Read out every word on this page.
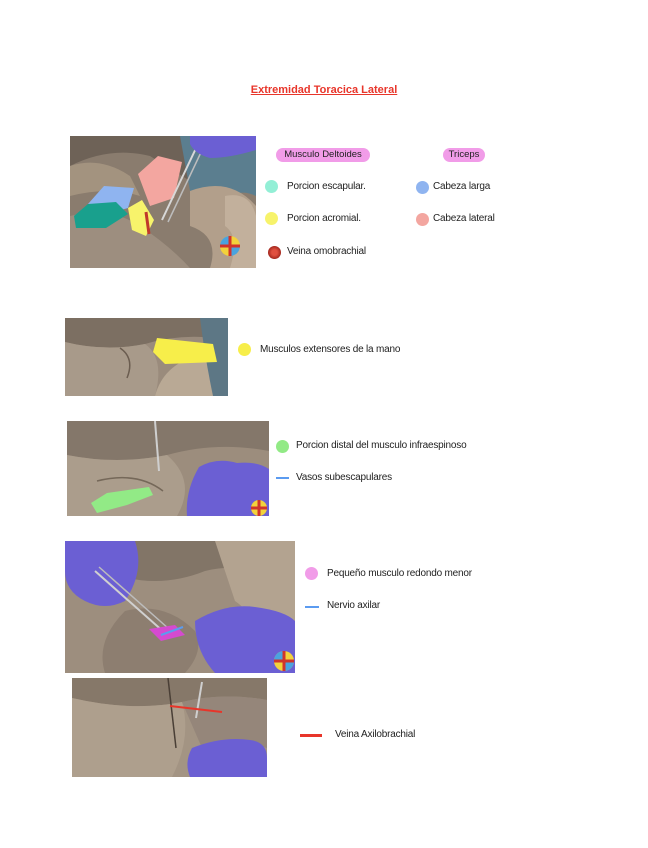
Extremidad Toracica Lateral
Musculo Deltoides	Triceps
Porcion escapular.
Porcion acromial.
Veina omobrachial
Cabeza larga
Cabeza lateral
Musculos extensores de la mano
Porcion distal del musculo infraespinoso
Vasos subescapulares
Pequeño musculo redondo menor
Nervio axilar
Veina Axilobrachial
